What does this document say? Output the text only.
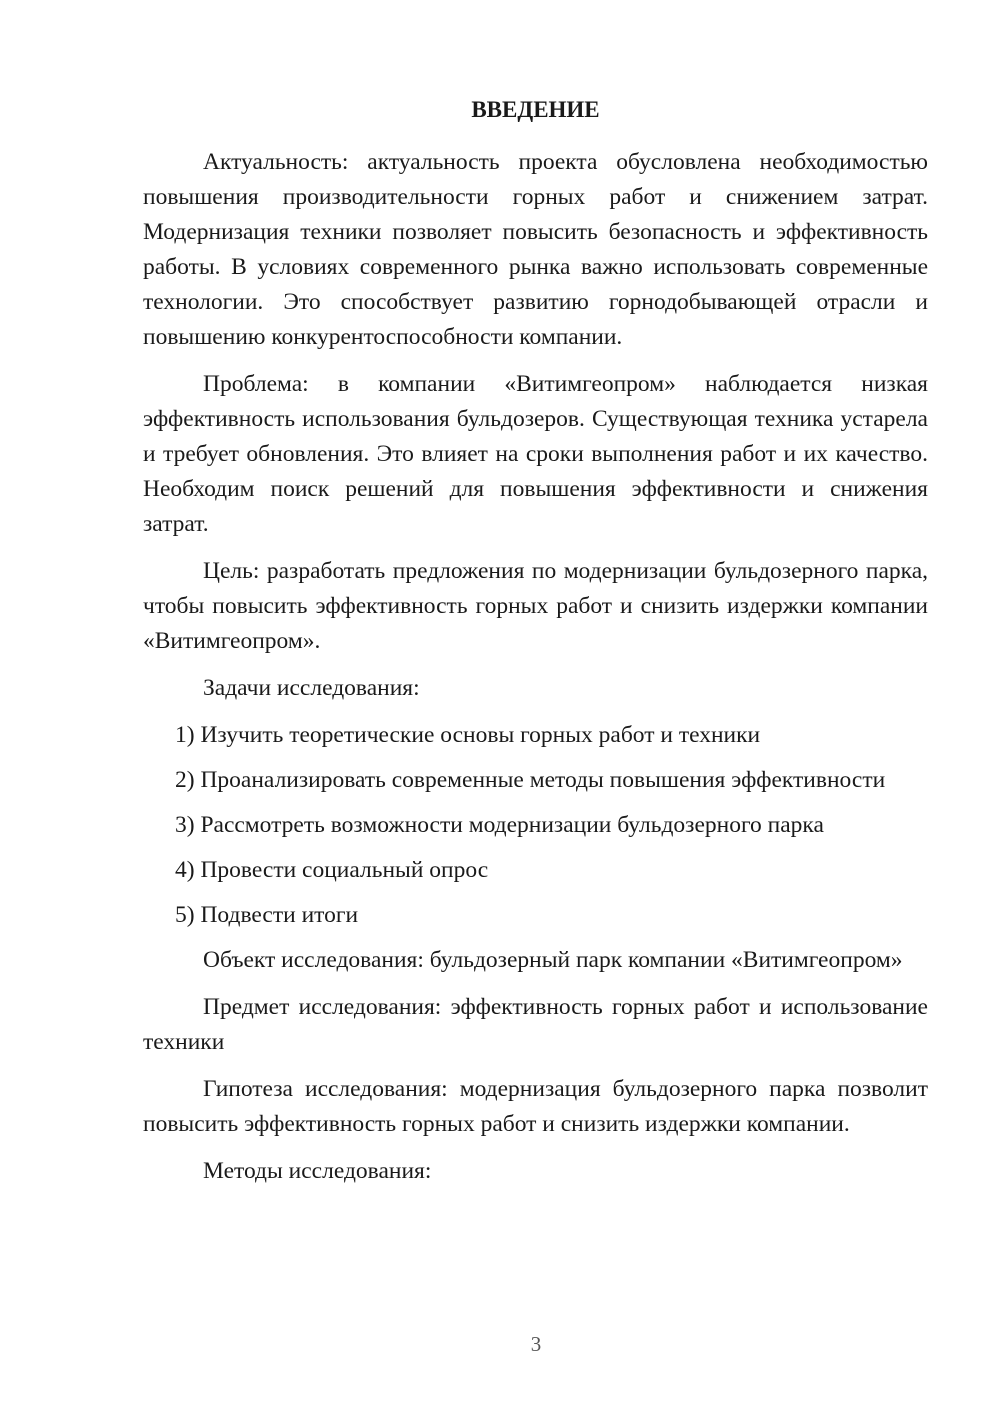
ВВЕДЕНИЕ

Актуальность: актуальность проекта обусловлена необходимостью повышения производительности горных работ и снижением затрат. Модернизация техники позволяет повысить безопасность и эффективность работы. В условиях современного рынка важно использовать современные технологии. Это способствует развитию горнодобывающей отрасли и повышению конкурентоспособности компании.

Проблема: в компании «Витимгеопром» наблюдается низкая эффективность использования бульдозеров. Существующая техника устарела и требует обновления. Это влияет на сроки выполнения работ и их качество. Необходим поиск решений для повышения эффективности и снижения затрат.

Цель: разработать предложения по модернизации бульдозерного парка, чтобы повысить эффективность горных работ и снизить издержки компании «Витимгеопром».

Задачи исследования:

1) Изучить теоретические основы горных работ и техники
2) Проанализировать современные методы повышения эффективности
3) Рассмотреть возможности модернизации бульдозерного парка
4) Провести социальный опрос
5) Подвести итоги

Объект исследования: бульдозерный парк компании «Витимгеопром»

Предмет исследования: эффективность горных работ и использование техники

Гипотеза исследования: модернизация бульдозерного парка позволит повысить эффективность горных работ и снизить издержки компании.

Методы исследования:

3
